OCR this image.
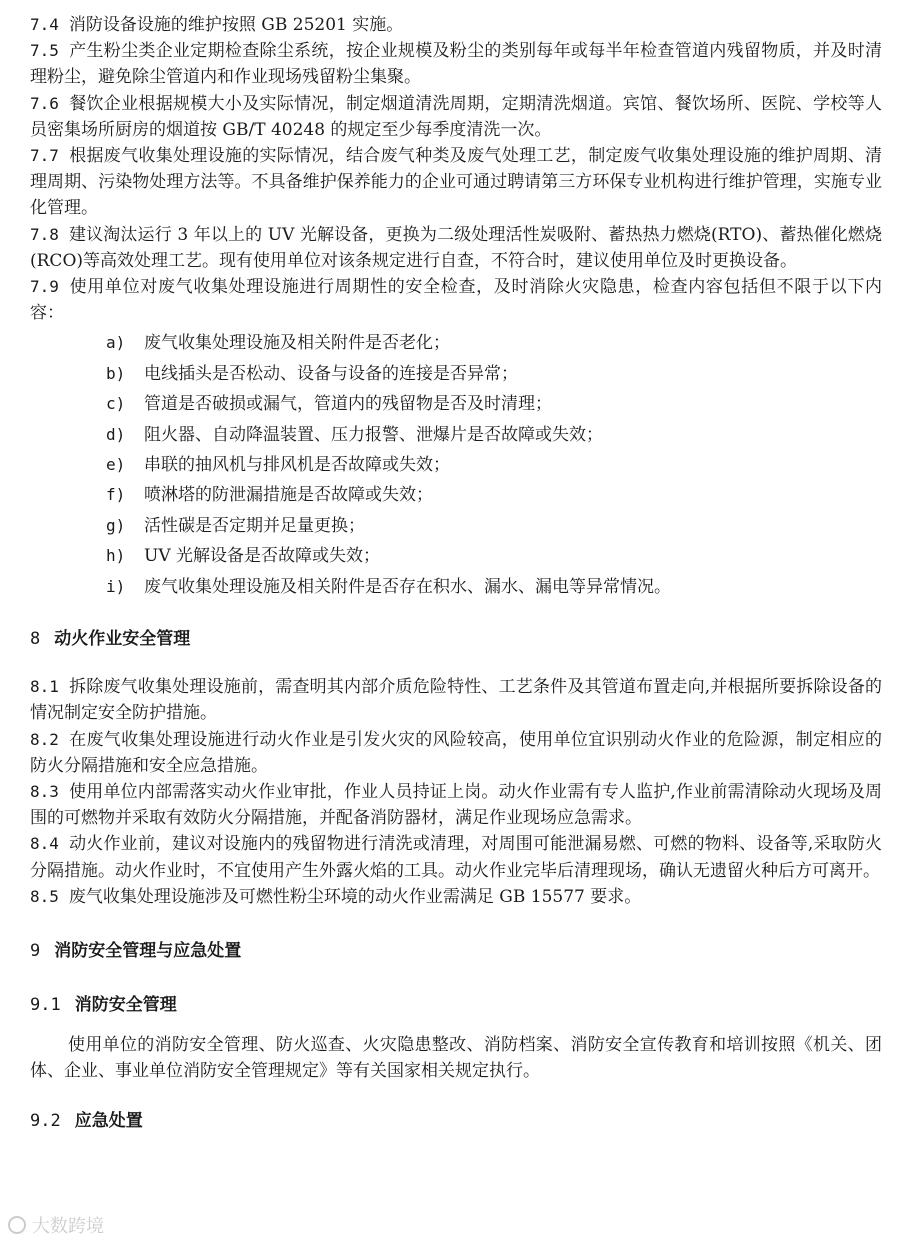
7.4 消防设备设施的维护按照 GB 25201 实施。

7.5 产生粉尘类企业定期检查除尘系统，按企业规模及粉尘的类别每年或每半年检查管道内残留物质，并及时清理粉尘，避免除尘管道内和作业现场残留粉尘集聚。

7.6 餐饮企业根据规模大小及实际情况，制定烟道清洗周期，定期清洗烟道。宾馆、餐饮场所、医院、学校等人员密集场所厨房的烟道按 GB/T 40248 的规定至少每季度清洗一次。

7.7 根据废气收集处理设施的实际情况，结合废气种类及废气处理工艺，制定废气收集处理设施的维护周期、清理周期、污染物处理方法等。不具备维护保养能力的企业可通过聘请第三方环保专业机构进行维护管理，实施专业化管理。

7.8 建议淘汰运行 3 年以上的 UV 光解设备，更换为二级处理活性炭吸附、蓄热热力燃烧(RTO)、蓄热催化燃烧(RCO)等高效处理工艺。现有使用单位对该条规定进行自查，不符合时，建议使用单位及时更换设备。

7.9 使用单位对废气收集处理设施进行周期性的安全检查，及时消除火灾隐患，检查内容包括但不限于以下内容：

a) 废气收集处理设施及相关附件是否老化；
b) 电线插头是否松动、设备与设备的连接是否异常；
c) 管道是否破损或漏气，管道内的残留物是否及时清理；
d) 阻火器、自动降温装置、压力报警、泄爆片是否故障或失效；
e) 串联的抽风机与排风机是否故障或失效；
f) 喷淋塔的防泄漏措施是否故障或失效；
g) 活性碳是否定期并足量更换；
h) UV 光解设备是否故障或失效；
i) 废气收集处理设施及相关附件是否存在积水、漏水、漏电等异常情况。
8 动火作业安全管理

8.1 拆除废气收集处理设施前，需查明其内部介质危险特性、工艺条件及其管道布置走向,并根据所要拆除设备的情况制定安全防护措施。

8.2 在废气收集处理设施进行动火作业是引发火灾的风险较高，使用单位宜识别动火作业的危险源，制定相应的防火分隔措施和安全应急措施。

8.3 使用单位内部需落实动火作业审批，作业人员持证上岗。动火作业需有专人监护,作业前需清除动火现场及周围的可燃物并采取有效防火分隔措施，并配备消防器材，满足作业现场应急需求。

8.4 动火作业前，建议对设施内的残留物进行清洗或清理，对周围可能泄漏易燃、可燃的物料、设备等,采取防火分隔措施。动火作业时，不宜使用产生外露火焰的工具。动火作业完毕后清理现场，确认无遗留火种后方可离开。

8.5 废气收集处理设施涉及可燃性粉尘环境的动火作业需满足 GB 15577 要求。

9 消防安全管理与应急处置
9.1 消防安全管理

使用单位的消防安全管理、防火巡查、火灾隐患整改、消防档案、消防安全宣传教育和培训按照《机关、团体、企业、事业单位消防安全管理规定》等有关国家相关规定执行。

9.2 应急处置
大数跨境
